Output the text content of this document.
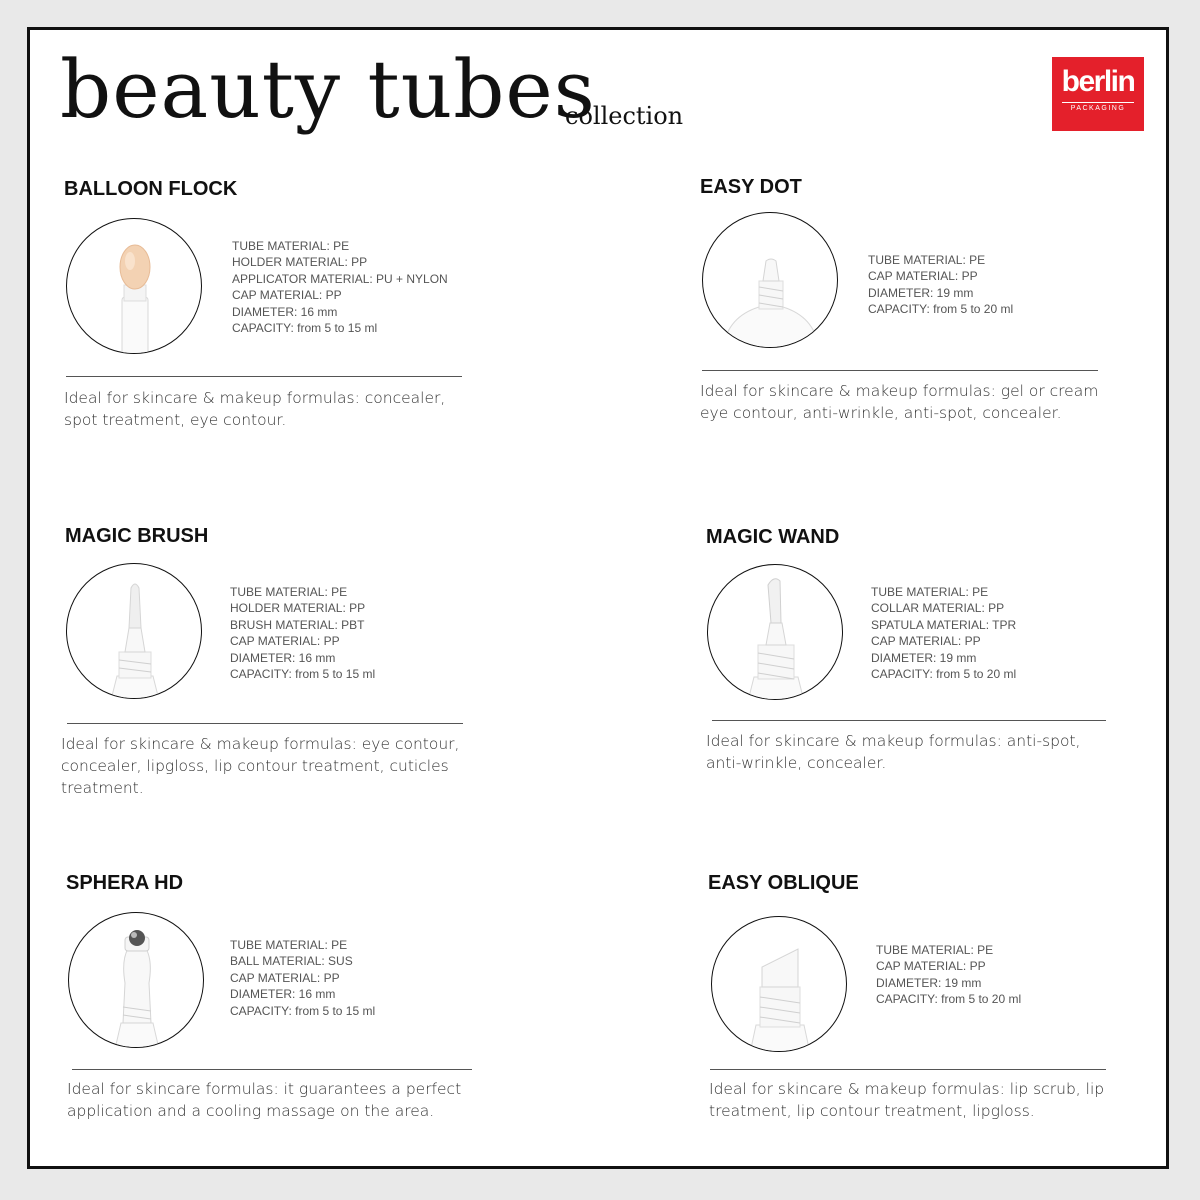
beauty tubes
collection
berlin
PACKAGING
BALLOON FLOCK
TUBE MATERIAL: PE
HOLDER MATERIAL: PP
APPLICATOR MATERIAL: PU + NYLON
CAP MATERIAL: PP
DIAMETER: 16 mm
CAPACITY: from 5 to 15 ml

Ideal for skincare & makeup formulas: concealer, spot treatment, eye contour.

EASY DOT
TUBE MATERIAL: PE
CAP MATERIAL: PP
DIAMETER: 19 mm
CAPACITY: from 5 to 20 ml

Ideal for skincare & makeup formulas: gel or cream eye contour, anti-wrinkle, anti-spot, concealer.

MAGIC BRUSH
TUBE MATERIAL: PE
HOLDER MATERIAL: PP
BRUSH MATERIAL: PBT
CAP MATERIAL: PP
DIAMETER: 16 mm
CAPACITY: from 5 to 15 ml

Ideal for skincare & makeup formulas: eye contour, concealer, lipgloss, lip contour treatment, cuticles treatment.

MAGIC WAND
TUBE MATERIAL: PE
COLLAR MATERIAL: PP
SPATULA MATERIAL: TPR
CAP MATERIAL: PP
DIAMETER: 19 mm
CAPACITY: from 5 to 20 ml

Ideal for skincare & makeup formulas: anti-spot, anti-wrinkle, concealer.

SPHERA HD
TUBE MATERIAL: PE
BALL MATERIAL: SUS
CAP MATERIAL: PP
DIAMETER: 16 mm
CAPACITY: from 5 to 15 ml

Ideal for skincare formulas: it guarantees a perfect application and a cooling massage on the area.

EASY OBLIQUE
TUBE MATERIAL: PE
CAP MATERIAL: PP
DIAMETER: 19 mm
CAPACITY: from 5 to 20 ml

Ideal for skincare & makeup formulas: lip scrub, lip treatment, lip contour treatment, lipgloss.
